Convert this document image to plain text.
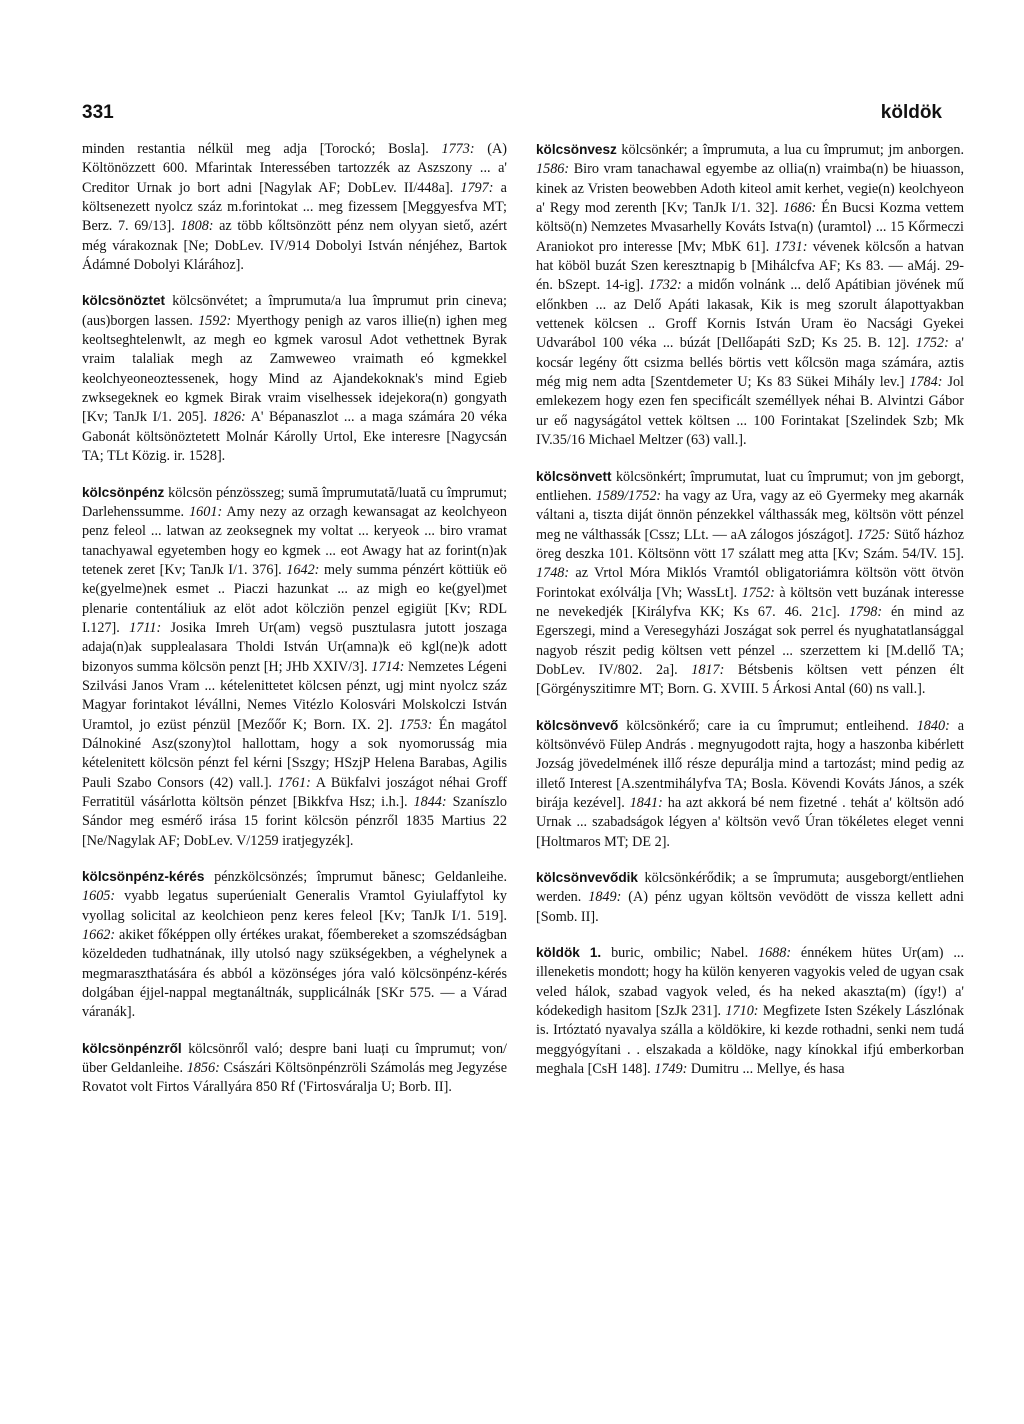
331	köldök

minden restantia nélkül meg adja [Torockó; Bosla]. 1773: (A) Költönözzett 600. Mfarintak Interessében tartozzék az Aszszony ... a' Creditor Urnak jo bort adni [Nagylak AF; DobLev. II/448a]. 1797: a költsenezett nyolcz száz m.forintokat ... meg fizessem [Meggyesfva MT; Berz. 7. 69/13]. 1808: az több kőltsönzött pénz nem olyyan siető, azért még várakoznak [Ne; DobLev. IV/914 Dobolyi István nénjéhez, Bartok Ádámné Dobolyi Klárához].

kölcsönöztet kölcsönvétet; a împrumuta/a lua împrumut prin cineva; (aus)borgen lassen. 1592: Myerthogy penigh az varos illie(n) ighen meg keoltseghtelenwlt, az megh eo kgmek varosul Adot vethettnek Byrak vraim talaliak megh az Zamweweo vraimath eó kgmekkel keolchyeoneoztessenek, hogy Mind az Ajandekoknak's mind Egieb zwksegeknek eo kgmek Birak vraim viselhessek idejekora(n) gongyath [Kv; TanJk I/1. 205]. 1826: A' Bépanaszlot ... a maga számára 20 véka Gabonát költsönöztetett Molnár Károlly Urtol, Eke interesre [Nagycsán TA; TLt Közig. ir. 1528].

kölcsönpénz kölcsön pénzösszeg; sumă împrumutată/luată cu împrumut; Darlehenssumme. 1601: Amy nezy az orzagh kewansagat az keolchyeon penz feleol ... latwan az zeoksegnek my voltat ... keryeok ... biro vramat tanachyawal egyetemben hogy eo kgmek ... eot Awagy hat az forint(n)ak tetenek zeret [Kv; TanJk I/1. 376]. 1642: mely summa pénzért köttiük eö ke(gyelme)nek esmet .. Piaczi hazunkat ... az migh eo ke(gyel)met plenarie contentáliuk az elöt adot kölcziön penzel egigiüt [Kv; RDL I.127]. 1711: Josika Imreh Ur(am) vegsö pusztulasra jutott joszaga adaja(n)ak supplealasara Tholdi István Ur(amna)k eö kgl(ne)k adott bizonyos summa kölcsön penzt [H; JHb XXIV/3]. 1714: Nemzetes Légeni Szilvási Janos Vram ... kételenittetet kölcsen pénzt, ugj mint nyolcz száz Magyar forintakot lévállni, Nemes Vitézlo Kolosvári Molskolczi István Uramtol, jo ezüst pénzül [Mezőőr K; Born. IX. 2]. 1753: Én magátol Dálnokiné Asz(szony)tol hallottam, hogy a sok nyomorusság mia kételenitett kölcsön pénzt fel kérni [Sszgy; HSzjP Helena Barabas, Agilis Pauli Szabo Consors (42) vall.]. 1761: A Bükfalvi joszágot néhai Groff Ferratitül vásárlotta költsön pénzet [Bikkfva Hsz; i.h.]. 1844: Szaníszlo Sándor meg esmérő irása 15 forint kölcsön pénzről 1835 Martius 22 [Ne/Nagylak AF; DobLev. V/1259 iratjegyzék].

kölcsönpénz-kérés pénzkölcsönzés; împrumut bănesc; Geldanleihe. 1605: vyabb legatus superúenialt Generalis Vramtol Gyiulaffytol ky vyollag solicital az keolchieon penz keres feleol [Kv; TanJk I/1. 519]. 1662: akiket főképpen olly értékes urakat, főembereket a szomszédságban közeldeden tudhatnának, illy utolsó nagy szükségekben, a véghelynek a megmaraszthatására és abból a közönséges jóra való kölcsönpénz-kérés dolgában éjjel-nappal megtanáltnák, supplicálnák [SKr 575. — a Várad váranák].

kölcsönpénzről kölcsönről való; despre bani luați cu împrumut; von/über Geldanleihe. 1856: Császári Költsönpénzröli Számolás meg Jegyzése Rovatot volt Firtos Várallyára 850 Rf ('Firtosváralja U; Borb. II].

kölcsönvesz kölcsönkér; a împrumuta, a lua cu împrumut; jm anborgen. 1586: Biro vram tanachawal egyembe az ollia(n) vraimba(n) be hiuasson, kinek az Vristen beowebben Adoth kiteol amit kerhet, vegie(n) keolchyeon a' Regy mod zerenth [Kv; TanJk I/1. 32]. 1686: Én Bucsi Kozma vettem költsö(n) Nemzetes Mvasarhelly Kováts Istva(n) ⟨uramtol⟩ ... 15 Kőrmeczi Araniokot pro interesse [Mv; MbK 61]. 1731: vévenek kölcsőn a hatvan hat köböl buzát Szen keresztnapig b [Mihálcfva AF; Ks 83. — aMáj. 29-én. bSzept. 14-ig]. 1732: a midőn volnánk ... delő Apátibian jövének mű előnkben ... az Delő Apáti lakasak, Kik is meg szorult álapottyakban vettenek kölcsen .. Groff Kornis István Uram ëo Nacsági Gyekei Udvarábol 100 véka ... búzát [Dellőapáti SzD; Ks 25. B. 12]. 1752: a' kocsár legény őtt csizma bellés börtis vett kőlcsön maga számára, aztis még mig nem adta [Szentdemeter U; Ks 83 Sükei Mihály lev.] 1784: Jol emlekezem hogy ezen fen specificált személlyek néhai B. Alvintzi Gábor ur eő nagyságátol vettek költsen ... 100 Forintakat [Szelindek Szb; Mk IV.35/16 Michael Meltzer (63) vall.].

kölcsönvett kölcsönkért; împrumutat, luat cu împrumut; von jm geborgt, entliehen. 1589/1752: ha vagy az Ura, vagy az eö Gyermeky meg akarnák váltani a, tiszta diját önnön pénzekkel válthassák meg, költsön vött pénzel meg ne válthassák [Cssz; LLt. — aA zálogos jószágot]. 1725: Sütő házhoz öreg deszka 101. Költsönn vött 17 szálatt meg atta [Kv; Szám. 54/IV. 15]. 1748: az Vrtol Móra Miklós Vramtól obligatoriámra költsön vött ötvön Forintokat exólválja [Vh; WassLt]. 1752: à költsön vett buzának interesse ne nevekedjék [Királyfva KK; Ks 67. 46. 21c]. 1798: én mind az Egerszegi, mind a Veresegyházi Joszágat sok perrel és nyughatatlansággal nagyob részit pedig költsen vett pénzel ... szerzettem ki [M.dellő TA; DobLev. IV/802. 2a]. 1817: Bétsbenis költsen vett pénzen élt [Görgényszitimre MT; Born. G. XVIII. 5 Árkosi Antal (60) ns vall.].

kölcsönvevő kölcsönkérő; care ia cu împrumut; entleihend. 1840: a költsönvévö Fülep András . megnyugodott rajta, hogy a haszonba kibérlett Jozság jövedelmének illő része depurálja mind a tartozást; mind pedig az illető Interest [A.szentmihályfva TA; Bosla. Kövendi Kováts János, a szék birája kezével]. 1841: ha azt akkorá bé nem fizetné . tehát a' költsön adó Urnak ... szabadságok légyen a' költsön vevő Úran tökéletes eleget venni [Holtmaros MT; DE 2].

kölcsönvevődik kölcsönkérődik; a se împrumuta; ausgeborgt/entliehen werden. 1849: (A) pénz ugyan költsön vevödött de vissza kellett adni [Somb. II].

köldök 1. buric, ombilic; Nabel. 1688: énnékem hütes Ur(am) ... illeneketis mondott; hogy ha külön kenyeren vagyokis veled de ugyan csak veled hálok, szabad vagyok veled, és ha neked akaszta(m) (így!) a' kódekedigh hasitom [SzJk 231]. 1710: Megfizete Isten Székely Lászlónak is. Irtóztató nyavalya szálla a köldökire, ki kezde rothadni, senki nem tudá meggyógyítani . . elszakada a köldöke, nagy kínokkal ifjú emberkorban meghala [CsH 148]. 1749: Dumitru ... Mellye, és hasa
